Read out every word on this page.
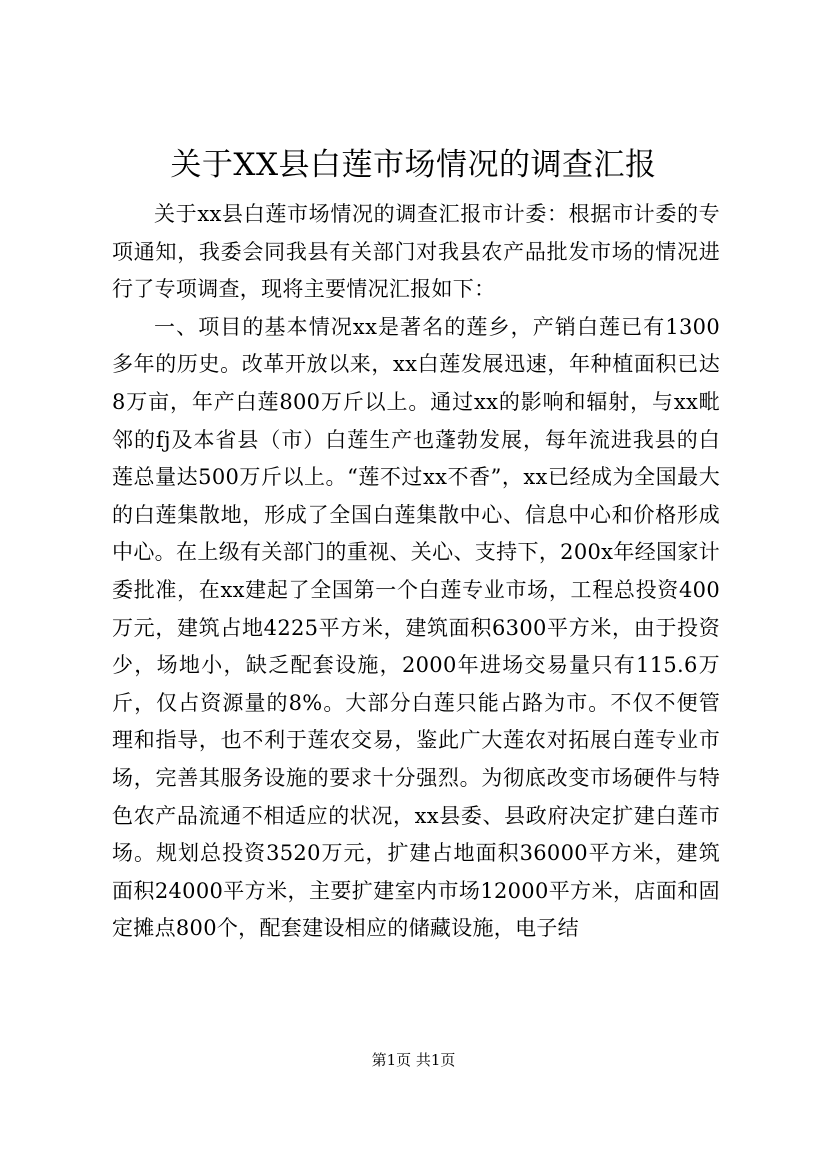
关于XX县白莲市场情况的调查汇报

关于xx县白莲市场情况的调查汇报市计委：根据市计委的专项通知，我委会同我县有关部门对我县农产品批发市场的情况进行了专项调查，现将主要情况汇报如下：

一、项目的基本情况xx是著名的莲乡，产销白莲已有1300多年的历史。改革开放以来，xx白莲发展迅速，年种植面积已达8万亩，年产白莲800万斤以上。通过xx的影响和辐射，与xx毗邻的fj及本省县（市）白莲生产也蓬勃发展，每年流进我县的白莲总量达500万斤以上。“莲不过xx不香”，xx已经成为全国最大的白莲集散地，形成了全国白莲集散中心、信息中心和价格形成中心。在上级有关部门的重视、关心、支持下，200x年经国家计委批准，在xx建起了全国第一个白莲专业市场，工程总投资400万元，建筑占地4225平方米，建筑面积6300平方米，由于投资少，场地小，缺乏配套设施，2000年进场交易量只有115.6万斤，仅占资源量的8%。大部分白莲只能占路为市。不仅不便管理和指导，也不利于莲农交易，鉴此广大莲农对拓展白莲专业市场，完善其服务设施的要求十分强烈。为彻底改变市场硬件与特色农产品流通不相适应的状况，xx县委、县政府决定扩建白莲市场。规划总投资3520万元，扩建占地面积36000平方米，建筑面积24000平方米，主要扩建室内市场12000平方米，店面和固定摊点800个，配套建设相应的储藏设施，电子结

第1页 共1页
